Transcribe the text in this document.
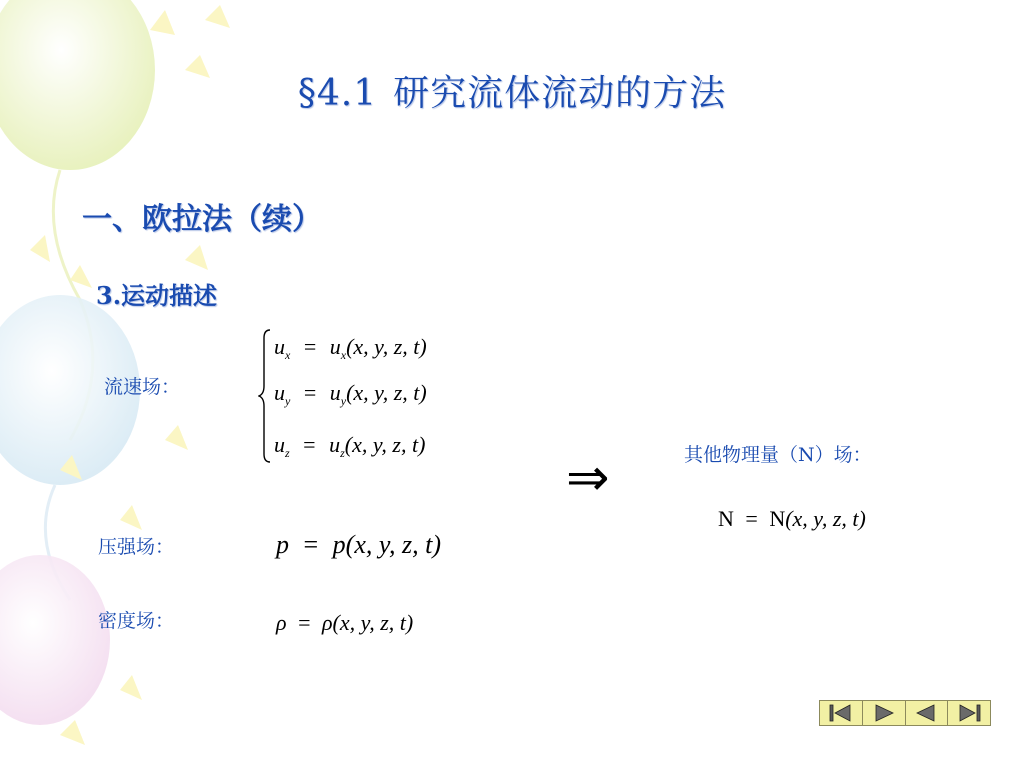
§4.1 研究流体流动的方法
一、欧拉法（续）
3.运动描述
流速场：
$u_x = u_x(x$, y, z, t)
$u_y = u_y(x$, y, z, t)
$u_z = u_z(x$, y, z, t)
⇒	其他物理量（N）场：
N = N(x, y, z, t)
压强场：	p = p(x, y, z, t)
密度场：	ρ = ρ(x, y, z, t)
